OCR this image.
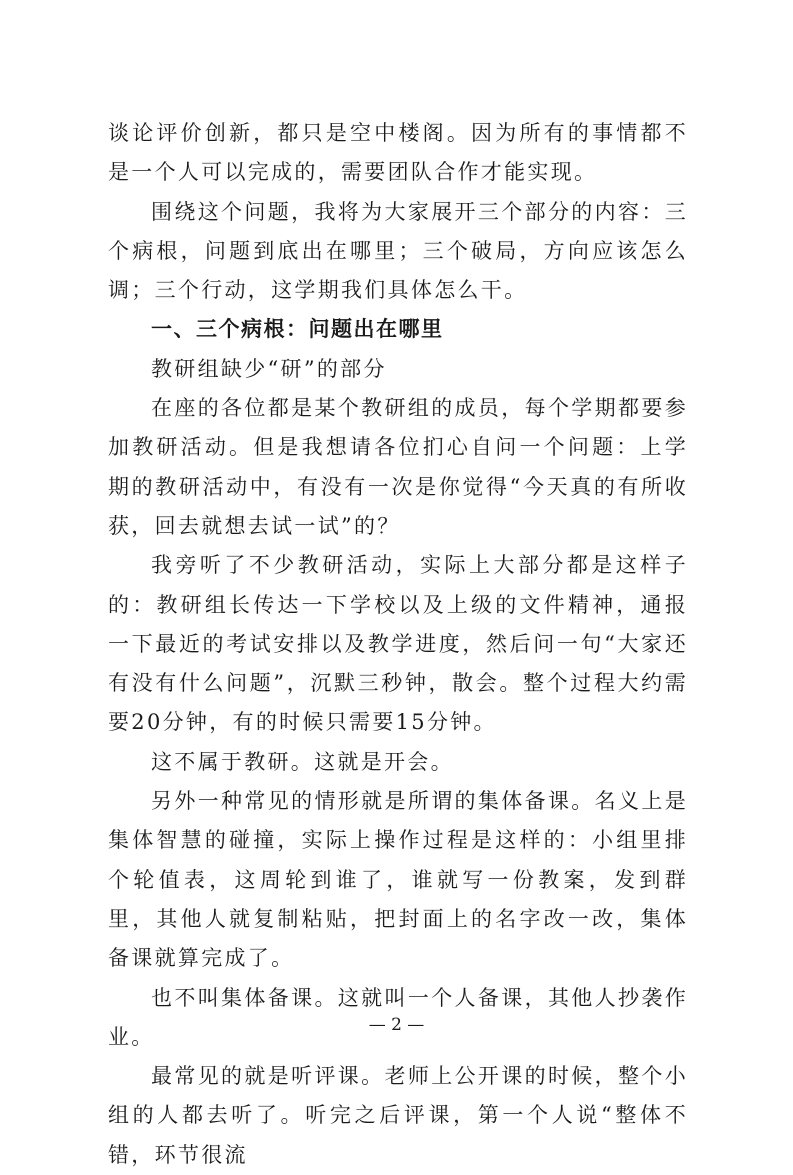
谈论评价创新，都只是空中楼阁。因为所有的事情都不是一个人可以完成的，需要团队合作才能实现。

围绕这个问题，我将为大家展开三个部分的内容：三个病根，问题到底出在哪里；三个破局，方向应该怎么调；三个行动，这学期我们具体怎么干。

一、三个病根：问题出在哪里

教研组缺少“研”的部分

在座的各位都是某个教研组的成员，每个学期都要参加教研活动。但是我想请各位扪心自问一个问题：上学期的教研活动中，有没有一次是你觉得“今天真的有所收获，回去就想去试一试”的？

我旁听了不少教研活动，实际上大部分都是这样子的：教研组长传达一下学校以及上级的文件精神，通报一下最近的考试安排以及教学进度，然后问一句“大家还有没有什么问题”，沉默三秒钟，散会。整个过程大约需要20分钟，有的时候只需要15分钟。

这不属于教研。这就是开会。

另外一种常见的情形就是所谓的集体备课。名义上是集体智慧的碰撞，实际上操作过程是这样的：小组里排个轮值表，这周轮到谁了，谁就写一份教案，发到群里，其他人就复制粘贴，把封面上的名字改一改，集体备课就算完成了。

也不叫集体备课。这就叫一个人备课，其他人抄袭作业。

最常见的就是听评课。老师上公开课的时候，整个小组的人都去听了。听完之后评课，第一个人说“整体不错，环节很流

— 2 —
